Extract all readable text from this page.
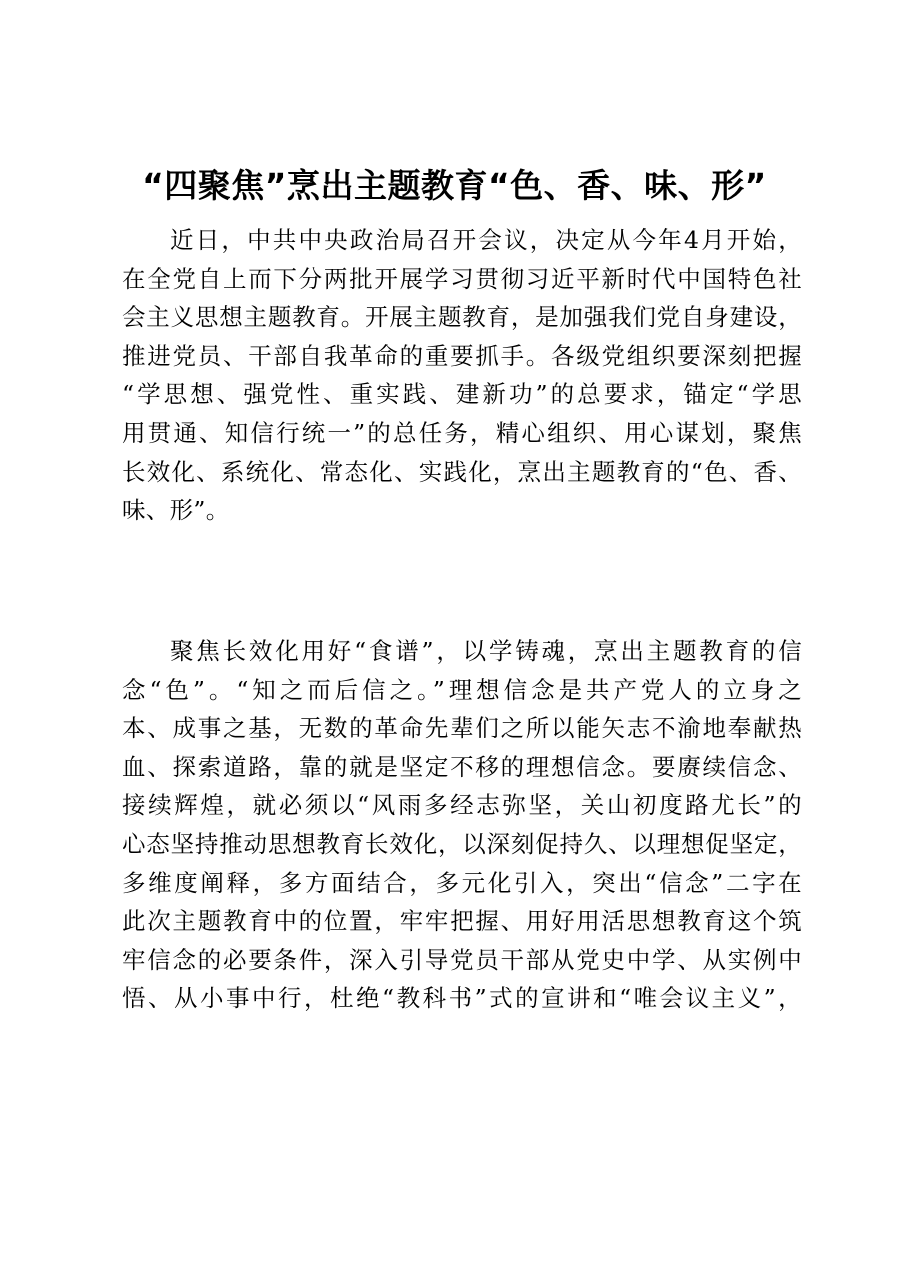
“四聚焦”烹出主题教育“色、香、味、形”
近日，中共中央政治局召开会议，决定从今年4月开始，
在全党自上而下分两批开展学习贯彻习近平新时代中国特色社
会主义思想主题教育。开展主题教育，是加强我们党自身建设，
推进党员、干部自我革命的重要抓手。各级党组织要深刻把握
“学思想、强党性、重实践、建新功”的总要求，锚定“学思
用贯通、知信行统一”的总任务，精心组织、用心谋划，聚焦
长效化、系统化、常态化、实践化，烹出主题教育的“色、香、
味、形”。
聚焦长效化用好“食谱”，以学铸魂，烹出主题教育的信
念“色”。“知之而后信之。”理想信念是共产党人的立身之
本、成事之基，无数的革命先辈们之所以能矢志不渝地奉献热
血、探索道路，靠的就是坚定不移的理想信念。要赓续信念、
接续辉煌，就必须以“风雨多经志弥坚，关山初度路尤长”的
心态坚持推动思想教育长效化，以深刻促持久、以理想促坚定，
多维度阐释，多方面结合，多元化引入，突出“信念”二字在
此次主题教育中的位置，牢牢把握、用好用活思想教育这个筑
牢信念的必要条件，深入引导党员干部从党史中学、从实例中
悟、从小事中行，杜绝“教科书”式的宣讲和“唯会议主义”，
